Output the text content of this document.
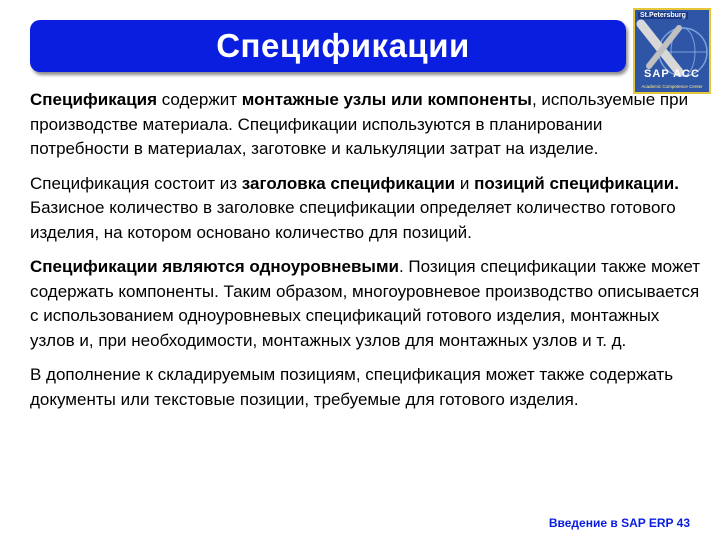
Спецификации
St.Petersburg
SAP ACC
Academic Competence Center

Спецификация содержит монтажные узлы или компоненты, используемые при производстве материала. Спецификации используются в планировании потребности в материалах, заготовке и калькуляции затрат на изделие.

Спецификация состоит из заголовка спецификации и позиций спецификации. Базисное количество в заголовке спецификации определяет количество готового изделия, на котором основано количество для позиций.

Спецификации являются одноуровневыми. Позиция спецификации также может содержать компоненты. Таким образом, многоуровневое производство описывается с использованием одноуровневых спецификаций готового изделия, монтажных узлов и, при необходимости, монтажных узлов для монтажных узлов и т. д.

В дополнение к складируемым позициям, спецификация может также содержать документы или текстовые позиции, требуемые для готового изделия.

Введение в SAP ERP 43
